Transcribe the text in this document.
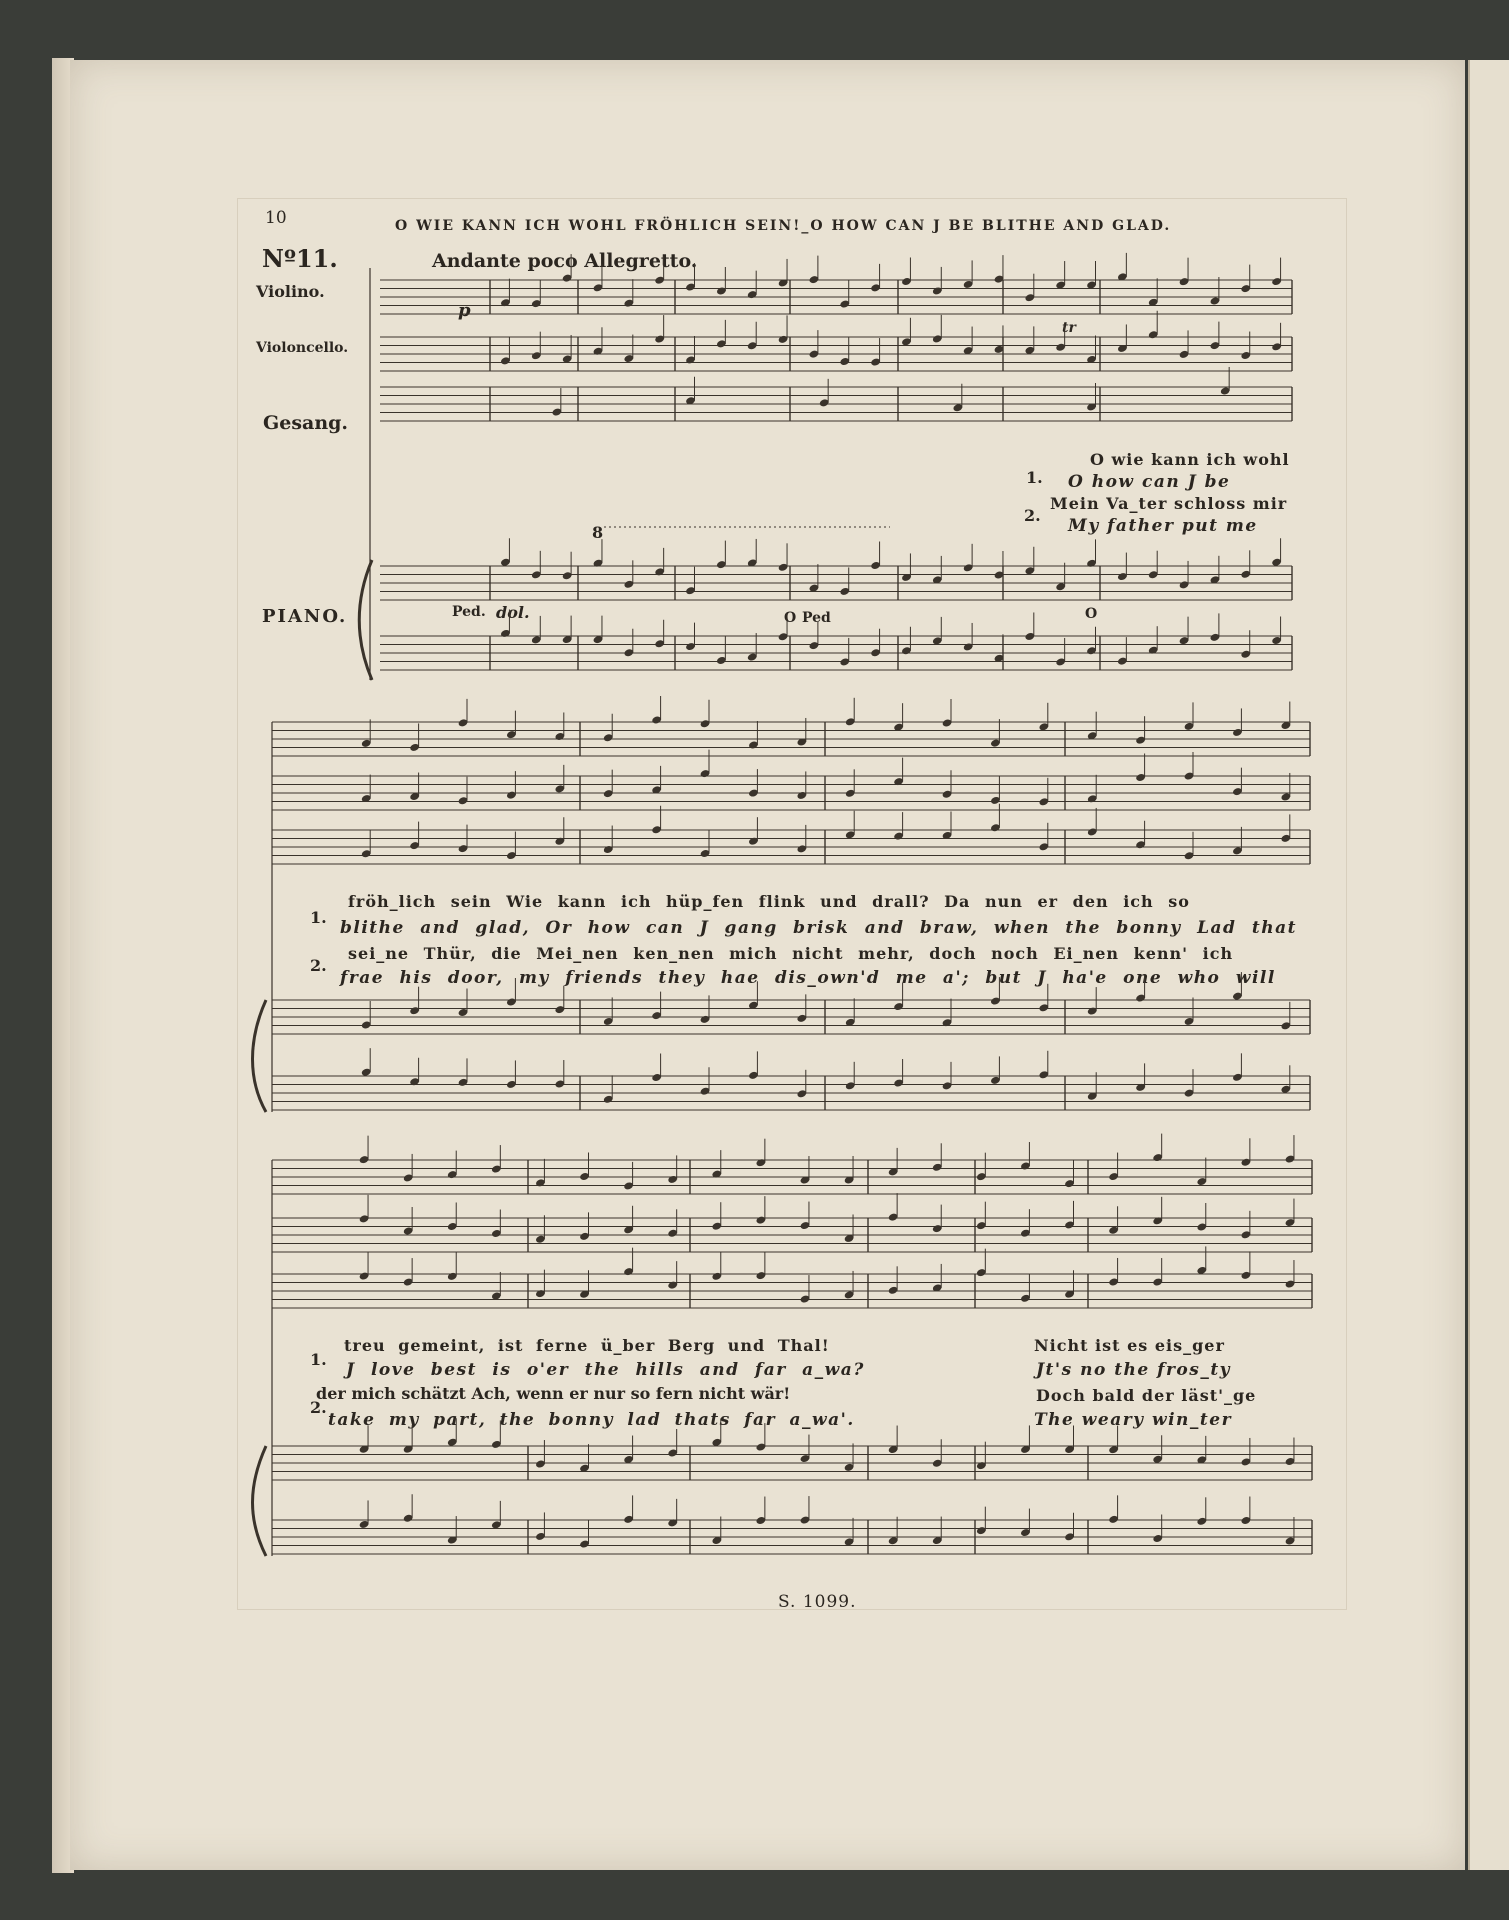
10	O WIE KANN ICH WOHL FRÖHLICH SEIN!_O HOW CAN J BE BLITHE AND GLAD.
Nº11.	Andante poco Allegretto.
Violino.
Violoncello.
Gesang.
PIANO.
p
tr
8
Ped. dol.	O Ped	O
O wie kann ich wohl
1. O how can J be
Mein Va_ter schloss mir
2.
My father put me
fröh_lich sein Wie kann ich hüp_fen flink und drall? Da nun er den ich so
1.
blithe and glad, Or how can J gang brisk and braw, when the bonny Lad that
sei_ne Thür, die Mei_nen ken_nen mich nicht mehr, doch noch Ei_nen kenn' ich
2.
frae his door, my friends they hae dis_own'd me a'; but J ha'e one who will
treu gemeint, ist ferne ü_ber Berg und Thal!
1.
J love best is o'er the hills and far a_wa?
der mich schätzt Ach, wenn er nur so fern nicht wär!
2.
take my part, the bonny lad thats far a_wa'.
Nicht ist es eis_ger
Jt's no the fros_ty
Doch bald der läst'_ge
The weary win_ter
S. 1099.
